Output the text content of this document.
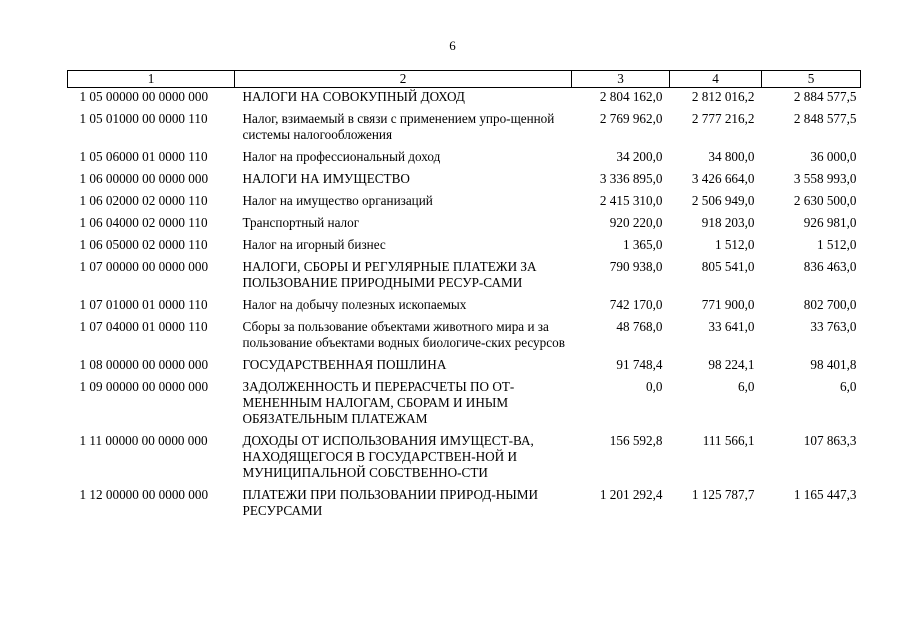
6
1	2	3	4	5
1 05 00000 00 0000 000	НАЛОГИ НА СОВОКУПНЫЙ ДОХОД	2 804 162,0	2 812 016,2	2 884 577,5
1 05 01000 00 0000 110	Налог, взимаемый в связи с применением упро-щенной системы налогообложения	2 769 962,0	2 777 216,2	2 848 577,5
1 05 06000 01 0000 110	Налог на профессиональный доход	34 200,0	34 800,0	36 000,0
1 06 00000 00 0000 000	НАЛОГИ НА ИМУЩЕСТВО	3 336 895,0	3 426 664,0	3 558 993,0
1 06 02000 02 0000 110	Налог на имущество организаций	2 415 310,0	2 506 949,0	2 630 500,0
1 06 04000 02 0000 110	Транспортный налог	920 220,0	918 203,0	926 981,0
1 06 05000 02 0000 110	Налог на игорный бизнес	1 365,0	1 512,0	1 512,0
1 07 00000 00 0000 000	НАЛОГИ, СБОРЫ И РЕГУЛЯРНЫЕ ПЛАТЕЖИ ЗА ПОЛЬЗОВАНИЕ ПРИРОДНЫМИ РЕСУР-САМИ	790 938,0	805 541,0	836 463,0
1 07 01000 01 0000 110	Налог на добычу полезных ископаемых	742 170,0	771 900,0	802 700,0
1 07 04000 01 0000 110	Сборы за пользование объектами животного мира и за пользование объектами водных биологиче-ских ресурсов	48 768,0	33 641,0	33 763,0
1 08 00000 00 0000 000	ГОСУДАРСТВЕННАЯ ПОШЛИНА	91 748,4	98 224,1	98 401,8
1 09 00000 00 0000 000	ЗАДОЛЖЕННОСТЬ И ПЕРЕРАСЧЕТЫ ПО ОТ-МЕНЕННЫМ НАЛОГАМ, СБОРАМ И ИНЫМ ОБЯЗАТЕЛЬНЫМ ПЛАТЕЖАМ	0,0	6,0	6,0
1 11 00000 00 0000 000	ДОХОДЫ ОТ ИСПОЛЬЗОВАНИЯ ИМУЩЕСТ-ВА, НАХОДЯЩЕГОСЯ В ГОСУДАРСТВЕН-НОЙ И МУНИЦИПАЛЬНОЙ СОБСТВЕННО-СТИ	156 592,8	111 566,1	107 863,3
1 12 00000 00 0000 000	ПЛАТЕЖИ ПРИ ПОЛЬЗОВАНИИ ПРИРОД-НЫМИ РЕСУРСАМИ	1 201 292,4	1 125 787,7	1 165 447,3
